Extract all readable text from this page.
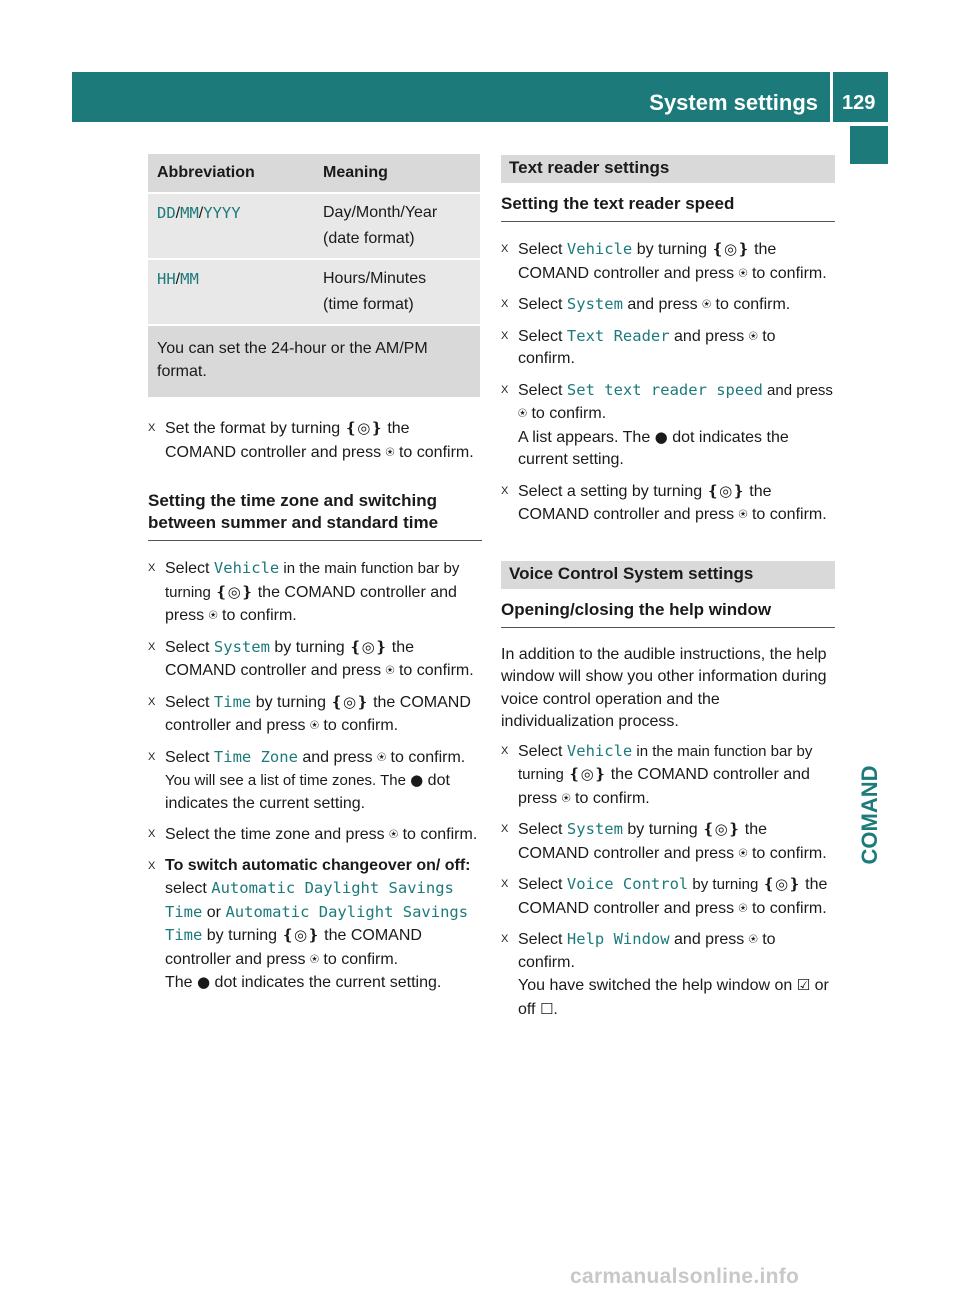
System settings 129
COMAND
Abbreviation	Meaning
DD/MM/YYYY	Day/Month/Year
(date format)

HH/MM	Hours/Minutes
(time format)

You can set the 24-hour or the AM/PM format.	
X Set the format by turning ❴◎❵ the COMAND controller and press ⍟ to confirm.
Setting the time zone and switching between summer and standard time
X Select Vehicle in the main function bar by turning ❴◎❵ the COMAND controller and press ⍟ to confirm.
X Select System by turning ❴◎❵ the COMAND controller and press ⍟ to confirm.
X Select Time by turning ❴◎❵ the COMAND controller and press ⍟ to confirm.
X Select Time Zone and press ⍟ to confirm.
You will see a list of time zones. The ● dot indicates the current setting.
X Select the time zone and press ⍟ to confirm.
X To switch automatic changeover on/ off: select Automatic Daylight Savings Time or Automatic Daylight Savings Time by turning ❴◎❵ the COMAND controller and press ⍟ to confirm.
The ● dot indicates the current setting.
Text reader settings
Setting the text reader speed
X Select Vehicle by turning ❴◎❵ the COMAND controller and press ⍟ to confirm.
X Select System and press ⍟ to confirm.
X Select Text Reader and press ⍟ to confirm.
X Select Set text reader speed and press ⍟ to confirm.
A list appears. The ● dot indicates the current setting.
X Select a setting by turning ❴◎❵ the COMAND controller and press ⍟ to confirm.
Voice Control System settings
Opening/closing the help window
In addition to the audible instructions, the help window will show you other information during voice control operation and the individualization process.
X Select Vehicle in the main function bar by turning ❴◎❵ the COMAND controller and press ⍟ to confirm.
X Select System by turning ❴◎❵ the COMAND controller and press ⍟ to confirm.
X Select Voice Control by turning ❴◎❵ the COMAND controller and press ⍟ to confirm.
X Select Help Window and press ⍟ to confirm.
You have switched the help window on ☑ or off ☐.
carmanualsonline.info
